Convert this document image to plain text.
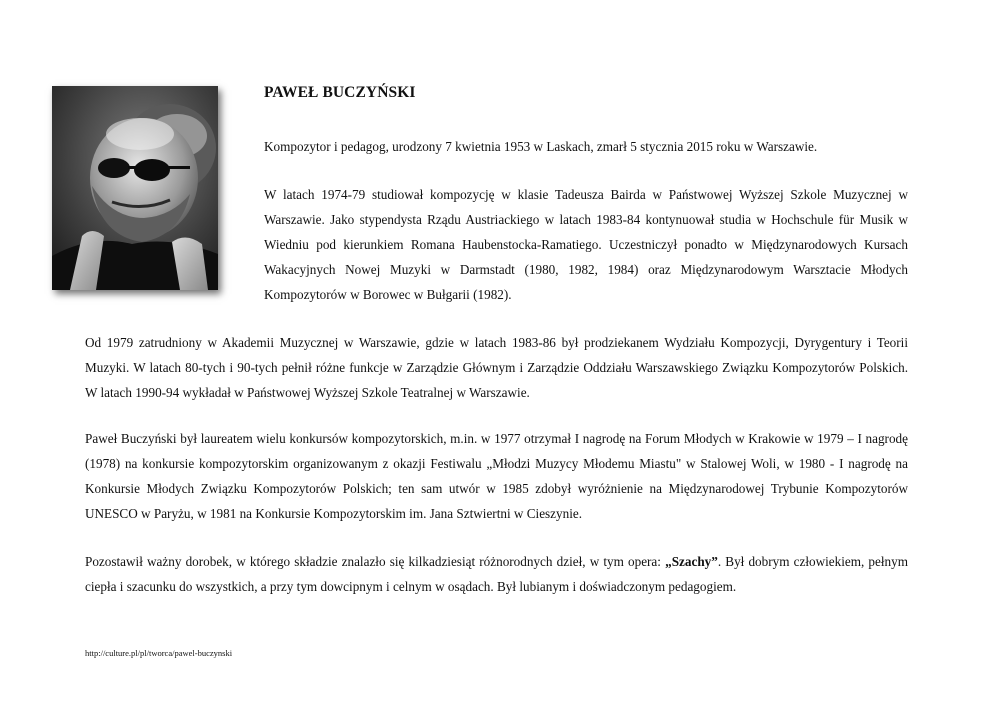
PAWEŁ BUCZYŃSKI

Kompozytor i pedagog, urodzony 7 kwietnia 1953 w Laskach, zmarł 5 stycznia 2015 roku w Warszawie.

W latach 1974-79 studiował kompozycję w klasie Tadeusza Bairda w Państwowej Wyższej Szkole Muzycznej w Warszawie. Jako stypendysta Rządu Austriackiego w latach 1983-84 kontynuował studia w Hochschule für Musik w Wiedniu pod kierunkiem Romana Haubenstocka-Ramatiego. Uczestniczył ponadto w Międzynarodowych Kursach Wakacyjnych Nowej Muzyki w Darmstadt (1980, 1982, 1984) oraz Międzynarodowym Warsztacie Młodych Kompozytorów w Borowec w Bułgarii (1982).

Od 1979 zatrudniony w Akademii Muzycznej w Warszawie, gdzie w latach 1983-86 był prodziekanem Wydziału Kompozycji, Dyrygentury i Teorii Muzyki. W latach 80-tych i 90-tych pełnił różne funkcje w Zarządzie Głównym i Zarządzie Oddziału Warszawskiego Związku Kompozytorów Polskich. W latach 1990-94 wykładał w Państwowej Wyższej Szkole Teatralnej w Warszawie.

Paweł Buczyński był laureatem wielu konkursów kompozytorskich, m.in. w 1977 otrzymał I nagrodę na Forum Młodych w Krakowie w 1979 – I nagrodę (1978) na konkursie kompozytorskim organizowanym z okazji Festiwalu „Młodzi Muzycy Młodemu Miastu" w Stalowej Woli, w 1980 - I nagrodę na Konkursie Młodych Związku Kompozytorów Polskich; ten sam utwór w 1985 zdobył wyróżnienie na Międzynarodowej Trybunie Kompozytorów UNESCO w Paryżu, w 1981 na Konkursie Kompozytorskim im. Jana Sztwiertni w Cieszynie.

Pozostawił ważny dorobek, w którego składzie znalazło się kilkadziesiąt różnorodnych dzieł, w tym opera: „Szachy”. Był dobrym człowiekiem, pełnym ciepła i szacunku do wszystkich, a przy tym dowcipnym i celnym w osądach. Był lubianym i doświadczonym pedagogiem.

http://culture.pl/pl/tworca/pawel-buczynski
